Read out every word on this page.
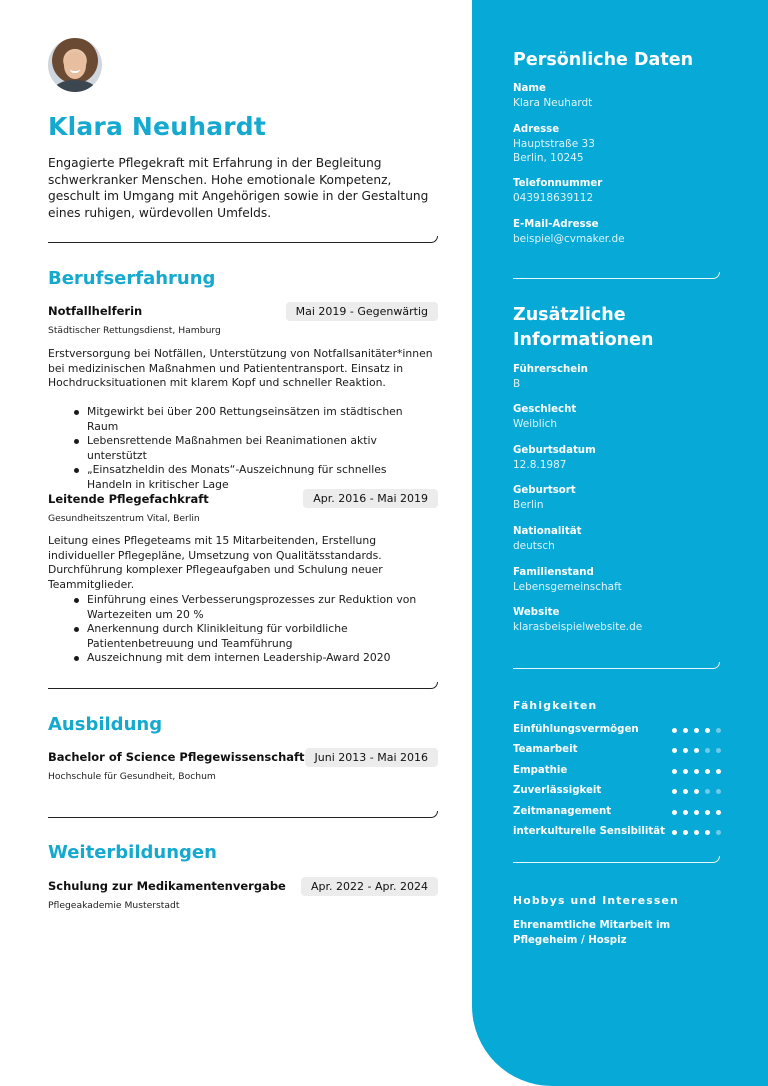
Klara Neuhardt
Engagierte Pflegekraft mit Erfahrung in der Begleitung schwerkranker Menschen. Hohe emotionale Kompetenz, geschult im Umgang mit Angehörigen sowie in der Gestaltung eines ruhigen, würdevollen Umfelds.
Berufserfahrung
Notfallhelferin	Mai 2019 - Gegenwärtig
Städtischer Rettungsdienst, Hamburg
Erstversorgung bei Notfällen, Unterstützung von Notfallsanitäter*innen bei medizinischen Maßnahmen und Patiententransport. Einsatz in Hochdrucksituationen mit klarem Kopf und schneller Reaktion.
Mitgewirkt bei über 200 Rettungseinsätzen im städtischen Raum
Lebensrettende Maßnahmen bei Reanimationen aktiv unterstützt
„Einsatzheldin des Monats“-Auszeichnung für schnelles Handeln in kritischer Lage
Leitende Pflegefachkraft	Apr. 2016 - Mai 2019
Gesundheitszentrum Vital, Berlin
Leitung eines Pflegeteams mit 15 Mitarbeitenden, Erstellung individueller Pflegepläne, Umsetzung von Qualitätsstandards. Durchführung komplexer Pflegeaufgaben und Schulung neuer Teammitglieder.
Einführung eines Verbesserungsprozesses zur Reduktion von Wartezeiten um 20 %
Anerkennung durch Klinikleitung für vorbildliche Patientenbetreuung und Teamführung
Auszeichnung mit dem internen Leadership-Award 2020
Ausbildung
Bachelor of Science Pflegewissenschaft Juni 2013 - Mai 2016
Hochschule für Gesundheit, Bochum
Weiterbildungen
Schulung zur Medikamentenvergabe	Apr. 2022 - Apr. 2024
Pflegeakademie Musterstadt
Persönliche Daten
Name
Klara Neuhardt
Adresse
Hauptstraße 33
Berlin, 10245
Telefonnummer
043918639112
E-Mail-Adresse
beispiel@cvmaker.de
Zusätzliche
Informationen
Führerschein
B
Geschlecht
Weiblich
Geburtsdatum
12.8.1987
Geburtsort
Berlin
Nationalität
deutsch
Familienstand
Lebensgemeinschaft
Website
klarasbeispielwebsite.de
Fähigkeiten
Einfühlungsvermögen
Teamarbeit
Empathie
Zuverlässigkeit
Zeitmanagement
interkulturelle Sensibilität
Hobbys und Interessen
Ehrenamtliche Mitarbeit im Pflegeheim / Hospiz
